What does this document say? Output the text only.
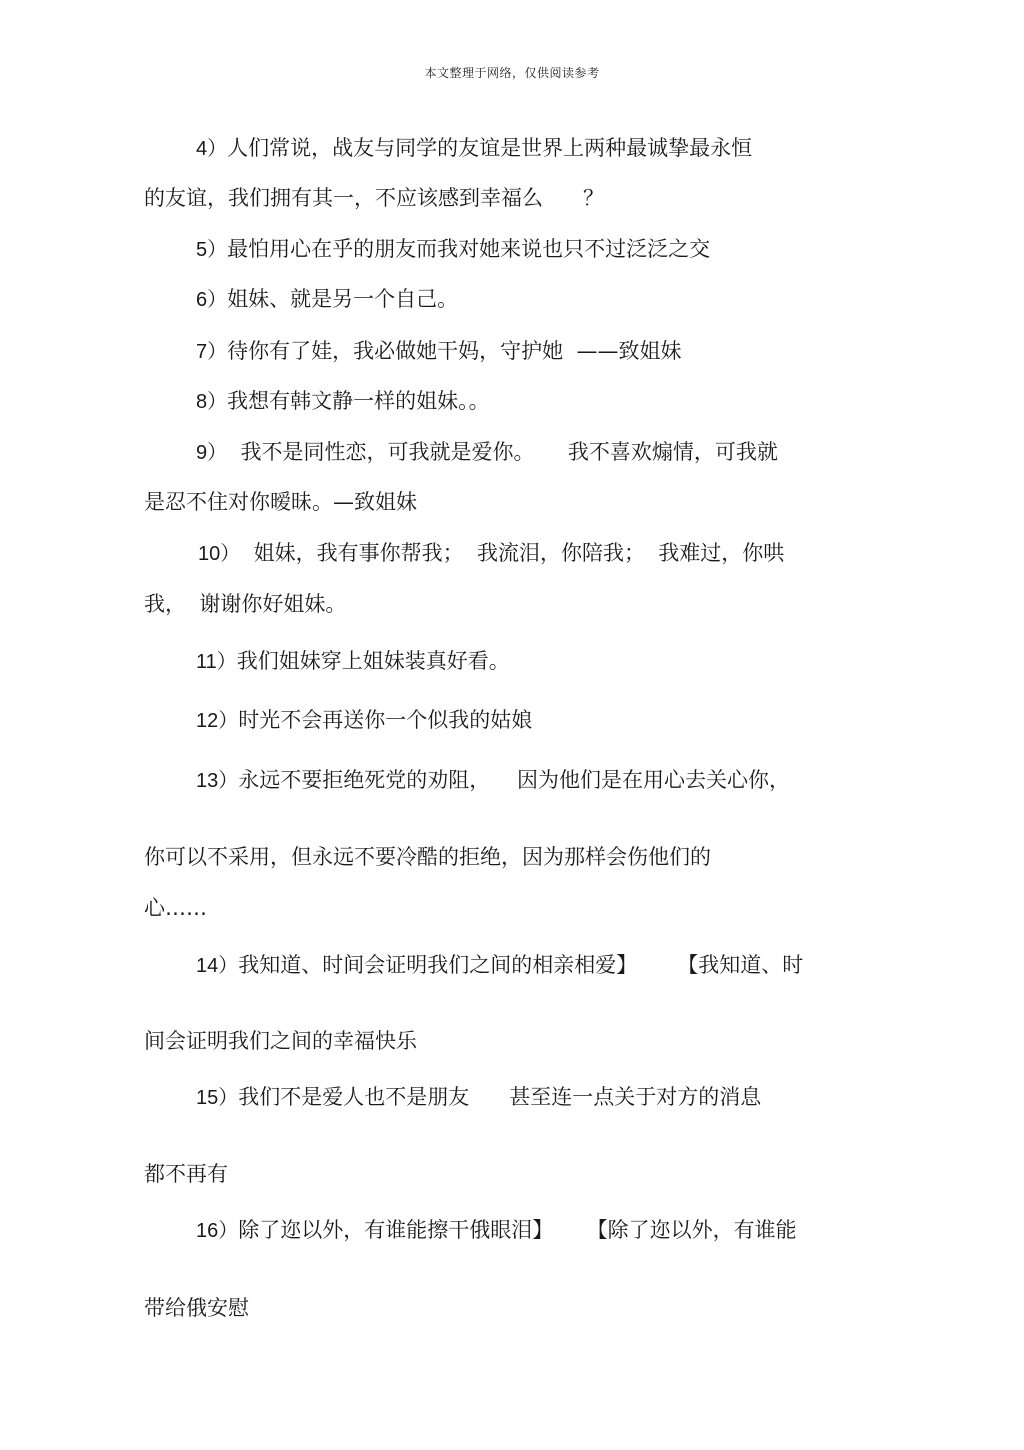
本文整理于网络，仅供阅读参考
4）人们常说，战友与同学的友谊是世界上两种最诚挚最永恒
的友谊，我们拥有其一，不应该感到幸福么      ？
5）最怕用心在乎的朋友而我对她来说也只不过泛泛之交
6）姐妹、就是另一个自己。
7）待你有了娃，我必做她干妈，守护她  ——致姐妹
8）我想有韩文静一样的姐妹。。
9）  我不是同性恋，可我就是爱你。     我不喜欢煽情，可我就
是忍不住对你暧昧。—致姐妹
10）  姐妹，我有事你帮我；  我流泪，你陪我；  我难过，你哄
我，  谢谢你好姐妹。
11）我们姐妹穿上姐妹装真好看。
12）时光不会再送你一个似我的姑娘
13）永远不要拒绝死党的劝阻，    因为他们是在用心去关心你，
你可以不采用，但永远不要冷酷的拒绝，因为那样会伤他们的
心……
14）我知道、时间会证明我们之间的相亲相爱】      【我知道、时
间会证明我们之间的幸福快乐
15）我们不是爱人也不是朋友      甚至连一点关于对方的消息
都不再有
16）除了迩以外，有谁能擦干俄眼泪】     【除了迩以外，有谁能
带给俄安慰
